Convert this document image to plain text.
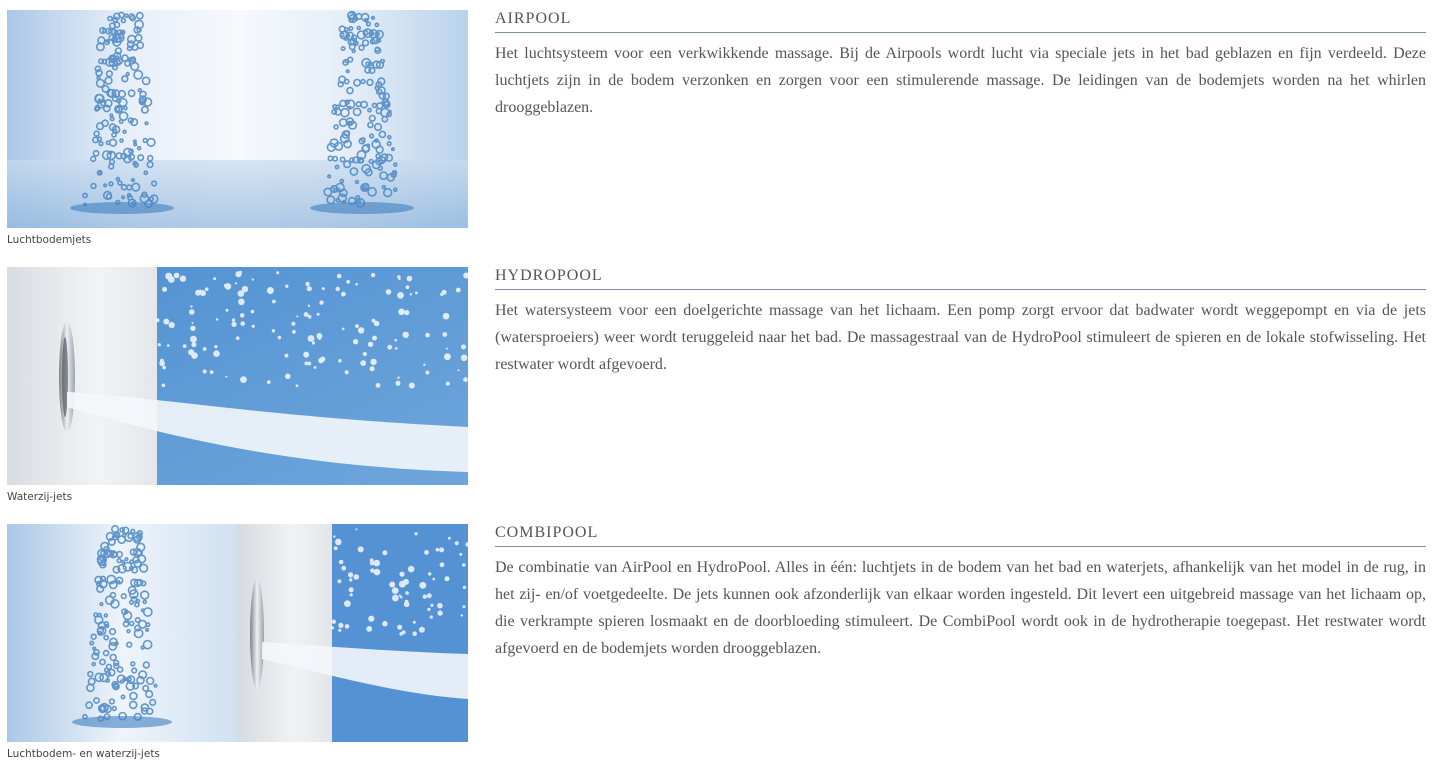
Luchtbodemjets
AIRPOOL

Het luchtsysteem voor een verkwikkende massage. Bij de Airpools wordt lucht via speciale jets in het bad geblazen en fijn verdeeld. Deze luchtjets zijn in de bodem verzonken en zorgen voor een stimulerende massage. De leidingen van de bodemjets worden na het whirlen drooggeblazen.

Waterzij-jets
HYDROPOOL

Het watersysteem voor een doelgerichte massage van het lichaam. Een pomp zorgt ervoor dat badwater wordt weggepompt en via de jets (watersproeiers) weer wordt teruggeleid naar het bad. De massagestraal van de HydroPool stimuleert de spieren en de lokale stofwisseling. Het restwater wordt afgevoerd.

Luchtbodem- en waterzij-jets
COMBIPOOL

De combinatie van AirPool en HydroPool. Alles in één: luchtjets in de bodem van het bad en waterjets, afhankelijk van het model in de rug, in het zij- en/of voetgedeelte. De jets kunnen ook afzonderlijk van elkaar worden ingesteld. Dit levert een uitgebreid massage van het lichaam op, die verkrampte spieren losmaakt en de doorbloeding stimuleert. De CombiPool wordt ook in de hydrotherapie toegepast. Het restwater wordt afgevoerd en de bodemjets worden drooggeblazen.
